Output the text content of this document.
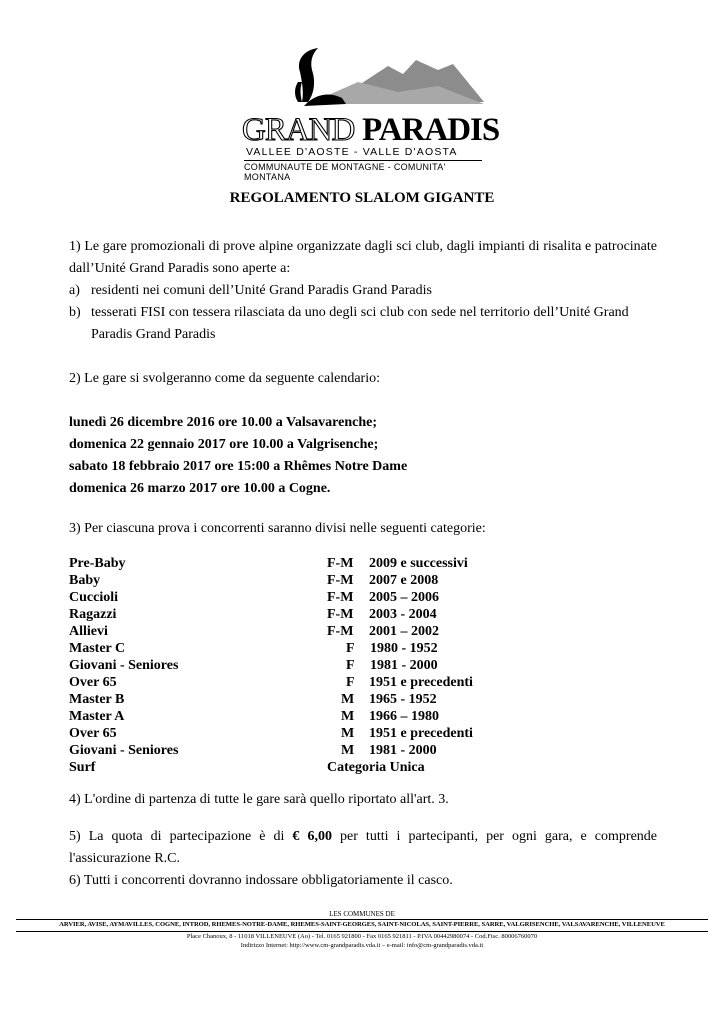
GRAND PARADIS
VALLEE D'AOSTE - VALLE D'AOSTA
COMMUNAUTE DE MONTAGNE - COMUNITA' MONTANA
REGOLAMENTO SLALOM GIGANTE
1) Le gare promozionali di prove alpine organizzate dagli sci club, dagli impianti di risalita e patrocinate dall’Unité Grand Paradis sono aperte a:
a) residenti nei comuni dell’Unité Grand Paradis Grand Paradis
b) tesserati FISI con tessera rilasciata da uno degli sci club con sede nel territorio dell’Unité Grand Paradis Grand Paradis
2) Le gare si svolgeranno come da seguente calendario:
lunedì 26 dicembre 2016 ore 10.00 a Valsavarenche;
domenica 22 gennaio 2017 ore 10.00 a Valgrisenche;
sabato 18 febbraio 2017 ore 15:00 a Rhêmes Notre Dame
domenica 26 marzo 2017 ore 10.00 a Cogne.
3) Per ciascuna prova i concorrenti saranno divisi nelle seguenti categorie:
Pre-Baby	F-M 2009 e successivi
Baby	F-M 2007 e 2008
Cuccioli	F-M 2005 – 2006
Ragazzi	F-M 2003 - 2004
Allievi	F-M 2001 – 2002
Master C	F 1980 - 1952
Giovani - Seniores	F 1981 - 2000
Over 65	F 1951 e precedenti
Master B	M 1965 - 1952
Master A	M 1966 – 1980
Over 65	M 1951 e precedenti
Giovani - Seniores	M 1981 - 2000
Surf	Categoria Unica
4) L'ordine di partenza di tutte le gare sarà quello riportato all'art. 3.
5) La quota di partecipazione è di € 6,00 per tutti i partecipanti, per ogni gara, e comprende l'assicurazione R.C.
6) Tutti i concorrenti dovranno indossare obbligatoriamente il casco.
LES COMMUNES DE
ARVIER, AVISE, AYMAVILLES, COGNE, INTROD, RHEMES-NOTRE-DAME, RHEMES-SAINT-GEORGES, SAINT-NICOLAS, SAINT-PIERRE, SARRE, VALGRISENCHE, VALSAVARENCHE, VILLENEUVE
Place Chanoux, 8 - 11018 VILLENEUVE (Ao) - Tel. 0165 921800 - Fax 0165 921811 - P.IVA 00442980074 - Cod.Fisc. 80006760070
Indirizzo Internet: http://www.cm-grandparadis.vda.it – e-mail: info@cm-grandparadis.vda.it
